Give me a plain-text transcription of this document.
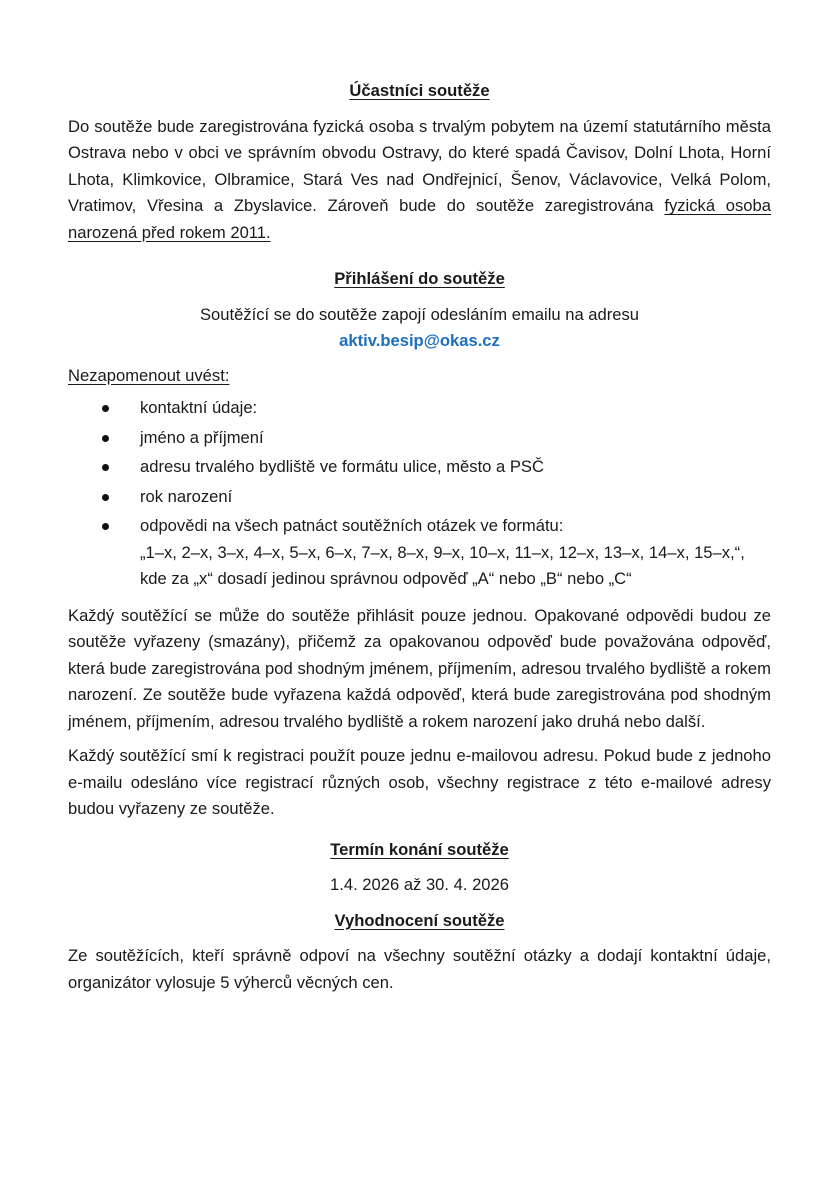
Účastníci soutěže

Do soutěže bude zaregistrována fyzická osoba s trvalým pobytem na území statutárního města Ostrava nebo v obci ve správním obvodu Ostravy, do které spadá Čavisov, Dolní Lhota, Horní Lhota, Klimkovice, Olbramice, Stará Ves nad Ondřejnicí, Šenov, Václavovice, Velká Polom, Vratimov, Vřesina a Zbyslavice. Zároveň bude do soutěže zaregistrována fyzická osoba narozená před rokem 2011.

Přihlášení do soutěže

Soutěžící se do soutěže zapojí odesláním emailu na adresu

aktiv.besip@okas.cz

Nezapomenout uvést:

kontaktní údaje:
jméno a příjmení
adresu trvalého bydliště ve formátu ulice, město a PSČ
rok narození
odpovědi na všech patnáct soutěžních otázek ve formátu:
„1–x, 2–x, 3–x, 4–x, 5–x, 6–x, 7–x, 8–x, 9–x, 10–x, 11–x, 12–x, 13–x, 14–x, 15–x,“, kde za „x“ dosadí jedinou správnou odpověď „A“ nebo „B“ nebo „C“

Každý soutěžící se může do soutěže přihlásit pouze jednou. Opakované odpovědi budou ze soutěže vyřazeny (smazány), přičemž za opakovanou odpověď bude považována odpověď, která bude zaregistrována pod shodným jménem, příjmením, adresou trvalého bydliště a rokem narození. Ze soutěže bude vyřazena každá odpověď, která bude zaregistrována pod shodným jménem, příjmením, adresou trvalého bydliště a rokem narození jako druhá nebo další.

Každý soutěžící smí k registraci použít pouze jednu e-mailovou adresu. Pokud bude z jednoho e-mailu odesláno více registrací různých osob, všechny registrace z této e-mailové adresy budou vyřazeny ze soutěže.

Termín konání soutěže

1.4. 2026 až 30. 4. 2026

Vyhodnocení soutěže

Ze soutěžících, kteří správně odpoví na všechny soutěžní otázky a dodají kontaktní údaje, organizátor vylosuje 5 výherců věcných cen.
